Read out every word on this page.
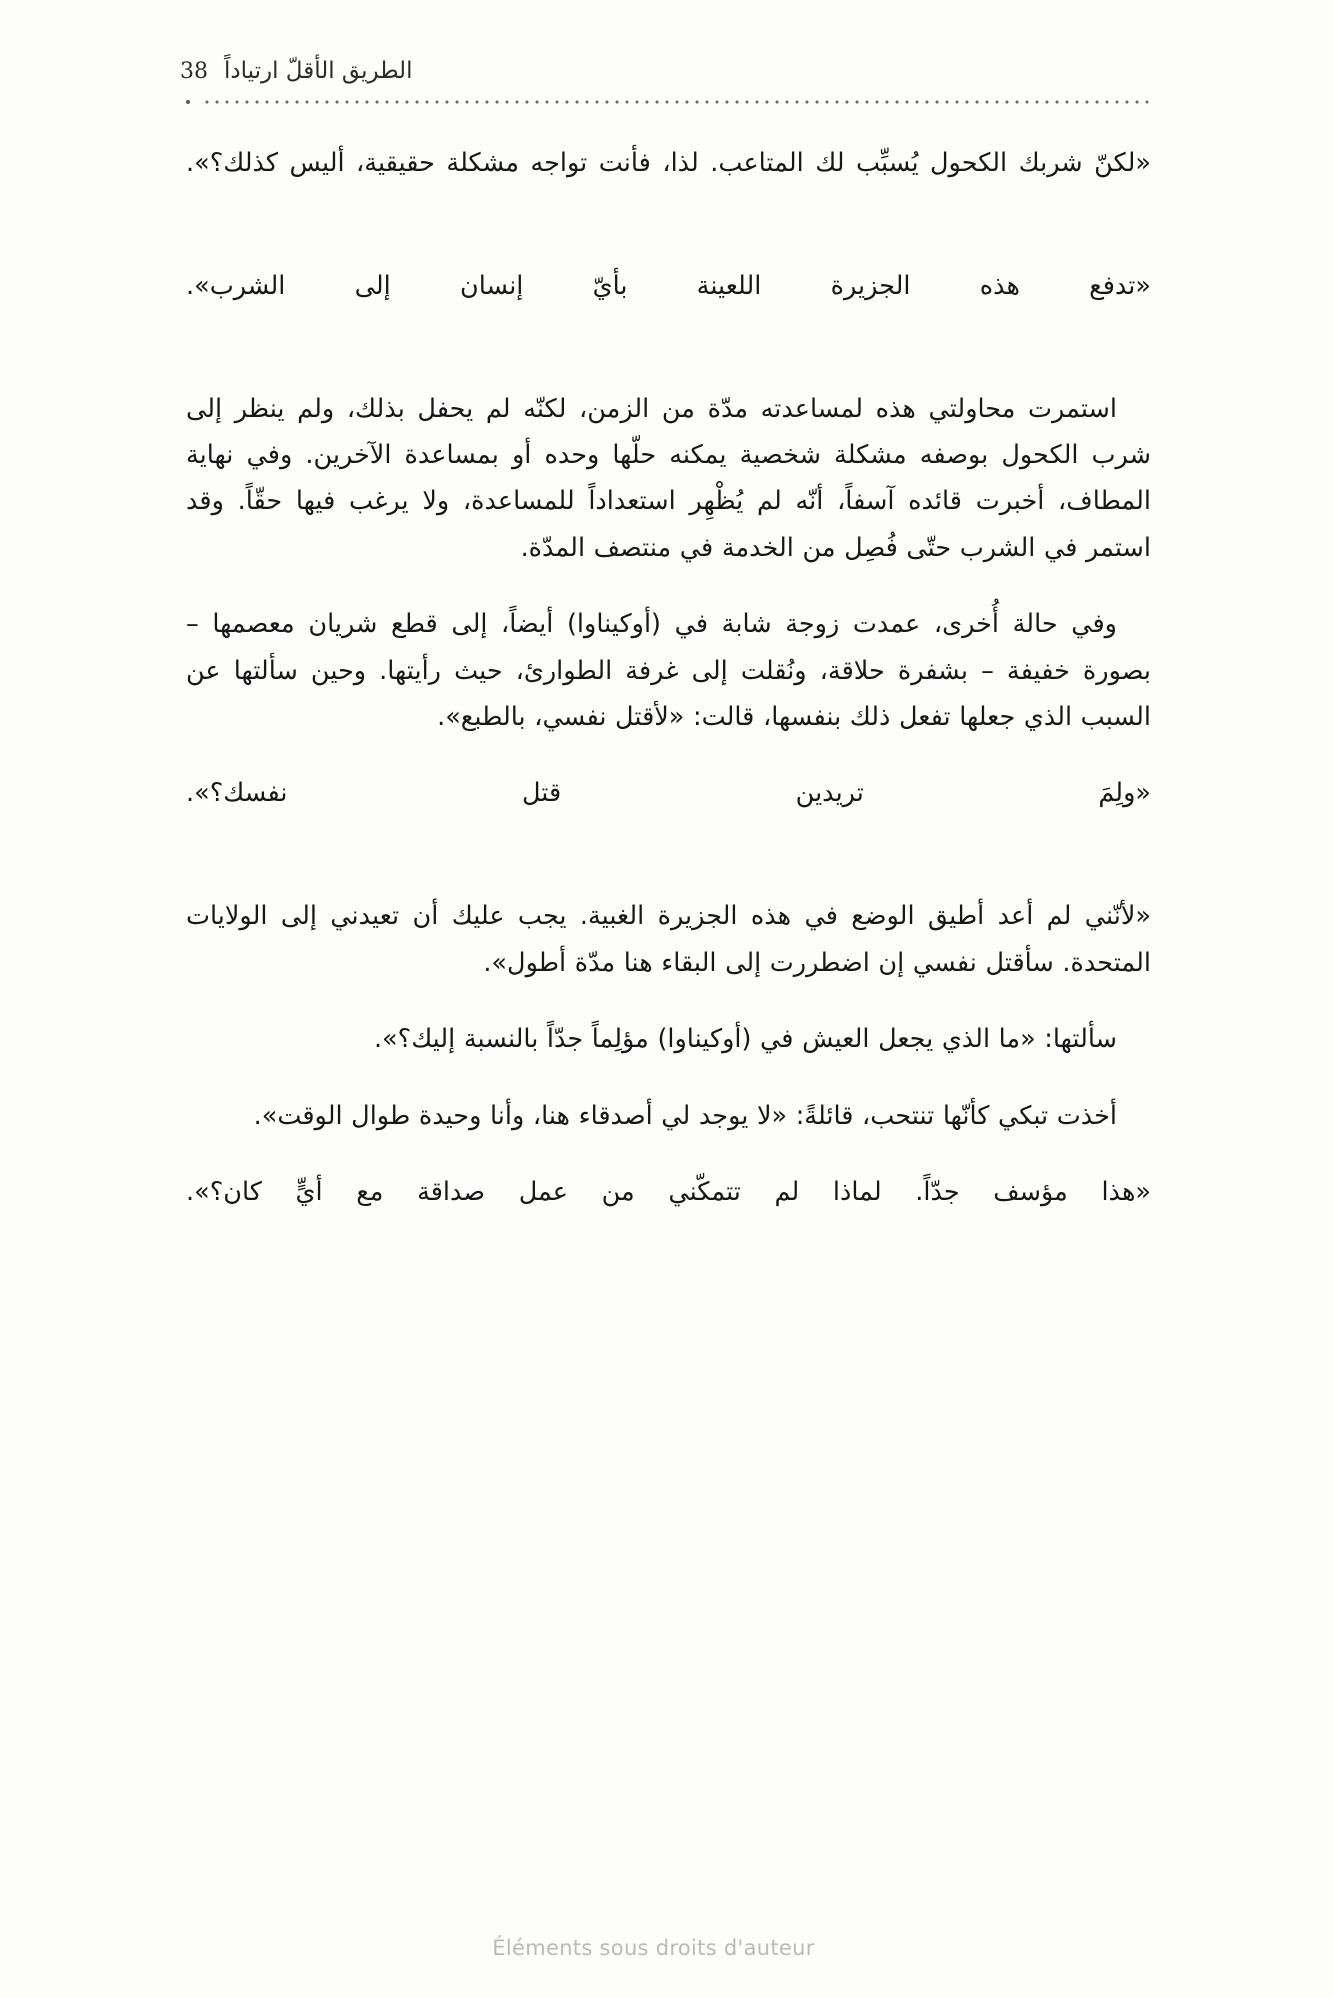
الطريق الأقلّ ارتياداً
38

«لكنّ شربك الكحول يُسبِّب لك المتاعب. لذا، فأنت تواجه مشكلة حقيقية، أليس كذلك؟».

«تدفع هذه الجزيرة اللعينة بأيّ إنسان إلى الشرب».

استمرت محاولتي هذه لمساعدته مدّة من الزمن، لكنّه لم يحفل بذلك، ولم ينظر إلى شرب الكحول بوصفه مشكلة شخصية يمكنه حلّها وحده أو بمساعدة الآخرين. وفي نهاية المطاف، أخبرت قائده آسفاً، أنّه لم يُظْهِر استعداداً للمساعدة، ولا يرغب فيها حقّاً. وقد استمر في الشرب حتّى فُصِل من الخدمة في منتصف المدّة.

وفي حالة أُخرى، عمدت زوجة شابة في (أوكيناوا) أيضاً، إلى قطع شريان معصمها – بصورة خفيفة – بشفرة حلاقة، ونُقلت إلى غرفة الطوارئ، حيث رأيتها. وحين سألتها عن السبب الذي جعلها تفعل ذلك بنفسها، قالت: «لأقتل نفسي، بالطبع».

«ولِمَ تريدين قتل نفسك؟».

«لأنّني لم أعد أطيق الوضع في هذه الجزيرة الغبية. يجب عليك أن تعيدني إلى الولايات المتحدة. سأقتل نفسي إن اضطررت إلى البقاء هنا مدّة أطول».

سألتها: «ما الذي يجعل العيش في (أوكيناوا) مؤلِماً جدّاً بالنسبة إليك؟».

أخذت تبكي كأنّها تنتحب، قائلةً: «لا يوجد لي أصدقاء هنا، وأنا وحيدة طوال الوقت».

«هذا مؤسف جدّاً. لماذا لم تتمكّني من عمل صداقة مع أيٍّ كان؟».

Éléments sous droits d'auteur
